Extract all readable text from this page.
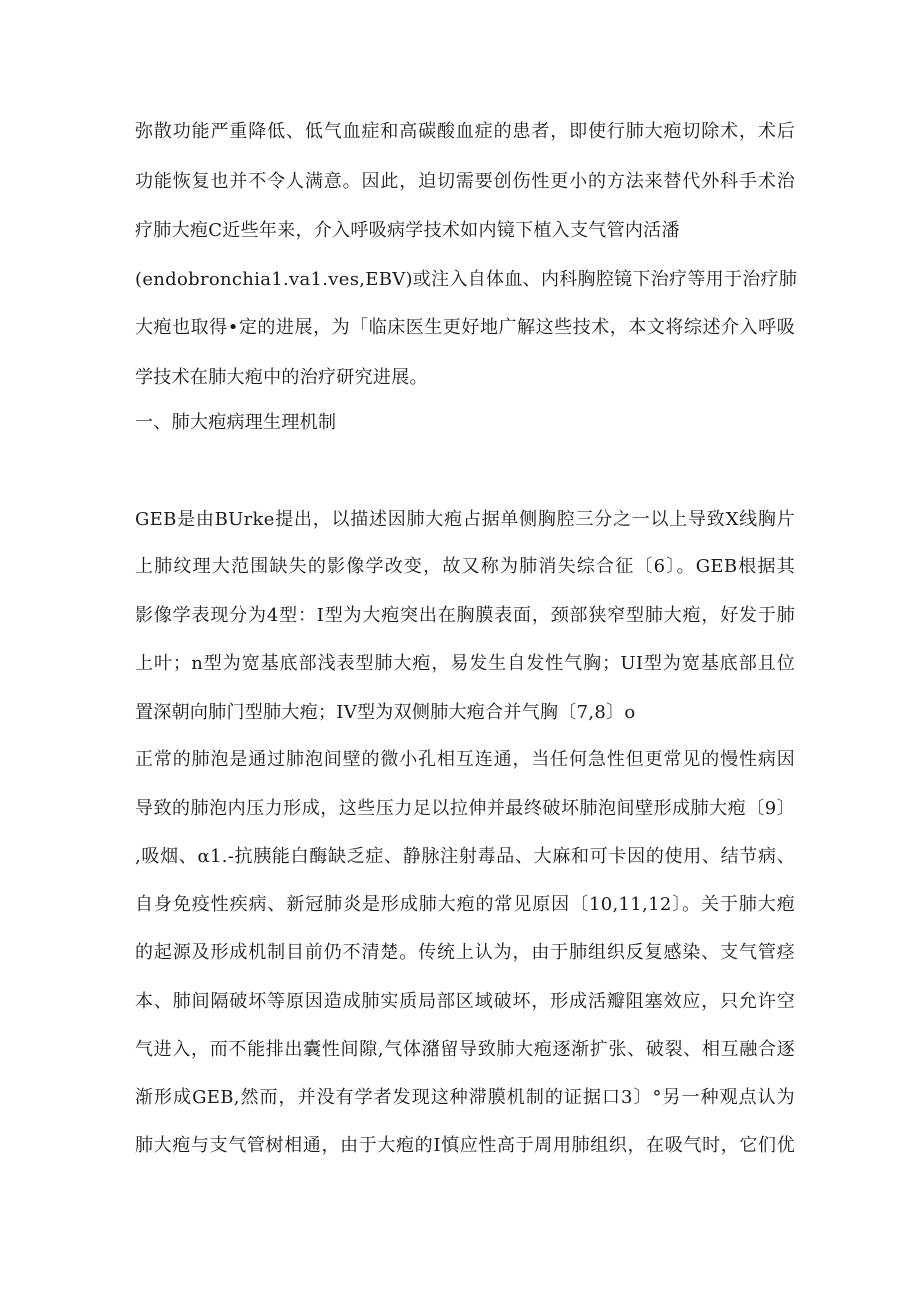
弥散功能严重降低、低气血症和高碳酸血症的患者，即使行肺大疱切除术，术后
功能恢复也并不令人满意。因此，迫切需要创伤性更小的方法来替代外科手术治
疗肺大疱C近些年来，介入呼吸病学技术如内镜下植入支气管内活潘
(endobronchia1.va1.ves,EBV)或注入自体血、内科胸腔镜下治疗等用于治疗肺
大疱也取得•定的进展，为「临床医生更好地广解这些技术，本文将综述介入呼吸
学技术在肺大疱中的治疗研究进展。
一、肺大疱病理生理机制
GEB是由BUrke提出，以描述因肺大疱占据单侧胸腔三分之一以上导致X线胸片
上肺纹理大范围缺失的影像学改变，故又称为肺消失综合征〔6〕。GEB根据其
影像学表现分为4型：I型为大疱突出在胸膜表面，颈部狭窄型肺大疱，好发于肺
上叶；n型为宽基底部浅表型肺大疱，易发生自发性气胸；UI型为宽基底部且位
置深朝向肺门型肺大疱；IV型为双侧肺大疱合并气胸〔7,8〕o
正常的肺泡是通过肺泡间壁的微小孔相互连通，当任何急性但更常见的慢性病因
导致的肺泡内压力形成，这些压力足以拉伸并最终破坏肺泡间壁形成肺大疱〔9〕
,吸烟、α1.-抗胰能白酶缺乏症、静脉注射毒品、大麻和可卡因的使用、结节病、
自身免疫性疾病、新冠肺炎是形成肺大疱的常见原因〔10,11,12〕。关于肺大疱
的起源及形成机制目前仍不清楚。传统上认为，由于肺组织反复感染、支气管痉
本、肺间隔破坏等原因造成肺实质局部区域破坏，形成活瓣阻塞效应，只允许空
气进入，而不能排出囊性间隙,气体潴留导致肺大疱逐渐扩张、破裂、相互融合逐
渐形成GEB,然而，并没有学者发现这种滞膜机制的证据口3〕°另一种观点认为
肺大疱与支气管树相通，由于大疱的I慎应性高于周用肺组织，在吸气时，它们优
